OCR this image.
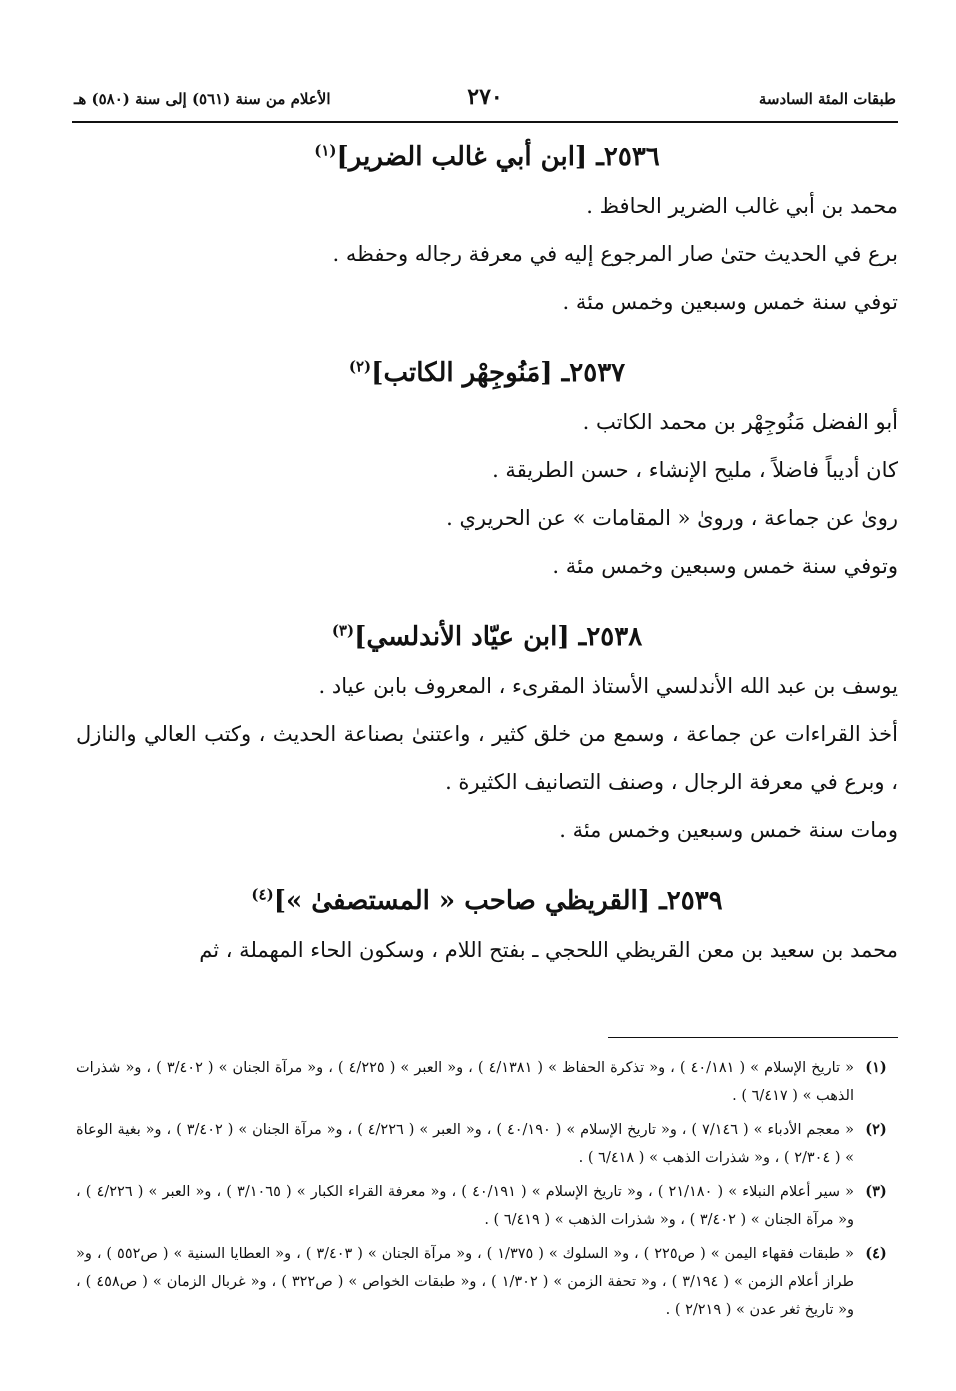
طبقات المئة السادسة
٢٧٠
الأعلام من سنة (٥٦١) إلى سنة (٥٨٠) هـ
٢٥٣٦ـ [ابن أبي غالب الضرير]$^{(١)}$

محمد بن أبي غالب الضرير الحافظ .

برع في الحديث حتىٰ صار المرجوع إليه في معرفة رجاله وحفظه .

توفي سنة خمس وسبعين وخمس مئة .

٢٥٣٧ـ [مَنُوجِهْر الكاتب]$^{(٢)}$

أبو الفضل مَنُوجِهْر بن محمد الكاتب .

كان أديباً فاضلاً ، مليح الإنشاء ، حسن الطريقة .

روىٰ عن جماعة ، وروىٰ « المقامات » عن الحريري .

وتوفي سنة خمس وسبعين وخمس مئة .

٢٥٣٨ـ [ابن عيّاد الأندلسي]$^{(٣)}$

يوسف بن عبد الله الأندلسي الأستاذ المقرىء ، المعروف بابن عياد .

أخذ القراءات عن جماعة ، وسمع من خلق كثير ، واعتنىٰ بصناعة الحديث ، وكتب العالي والنازل ، وبرع في معرفة الرجال ، وصنف التصانيف الكثيرة .

ومات سنة خمس وسبعين وخمس مئة .

٢٥٣٩ـ [القريظي صاحب « المستصفىٰ »]$^{(٤)}$

محمد بن سعيد بن معن القريظي اللحجي ـ بفتح اللام ، وسكون الحاء المهملة ، ثم

(١)
« تاريخ الإسلام » ( ٤٠/١٨١ ) ، و« تذكرة الحفاظ » ( ٤/١٣٨١ ) ، و« العبر » ( ٤/٢٢٥ ) ، و« مرآة الجنان » ( ٣/٤٠٢ ) ، و« شذرات الذهب » ( ٦/٤١٧ ) .
(٢)
« معجم الأدباء » ( ٧/١٤٦ ) ، و« تاريخ الإسلام » ( ٤٠/١٩٠ ) ، و« العبر » ( ٤/٢٢٦ ) ، و« مرآة الجنان » ( ٣/٤٠٢ ) ، و« بغية الوعاة » ( ٢/٣٠٤ ) ، و« شذرات الذهب » ( ٦/٤١٨ ) .
(٣)
« سير أعلام النبلاء » ( ٢١/١٨٠ ) ، و« تاريخ الإسلام » ( ٤٠/١٩١ ) ، و« معرفة القراء الكبار » ( ٣/١٠٦٥ ) ، و« العبر » ( ٤/٢٢٦ ) ، و« مرآة الجنان » ( ٣/٤٠٢ ) ، و« شذرات الذهب » ( ٦/٤١٩ ) .
(٤)
« طبقات فقهاء اليمن » ( ص٢٢٥ ) ، و« السلوك » ( ١/٣٧٥ ) ، و« مرآة الجنان » ( ٣/٤٠٣ ) ، و« العطايا السنية » ( ص٥٥٢ ) ، و« طراز أعلام الزمن » ( ٣/١٩٤ ) ، و« تحفة الزمن » ( ١/٣٠٢ ) ، و« طبقات الخواص » ( ص٣٢٢ ) ، و« غربال الزمان » ( ص٤٥٨ ) ، و« تاريخ ثغر عدن » ( ٢/٢١٩ ) .
